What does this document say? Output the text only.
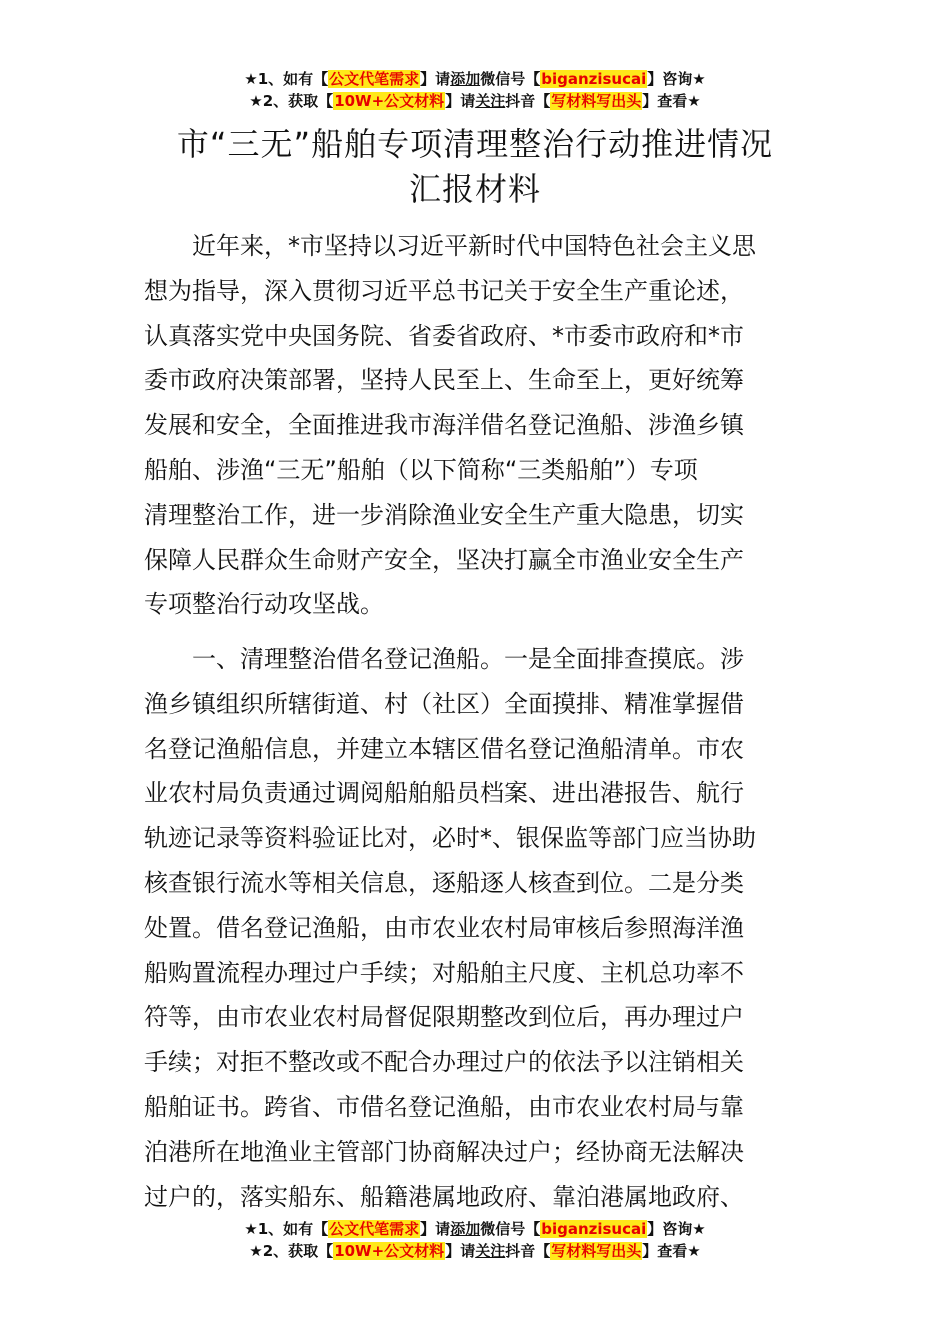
★1、如有【公文代笔需求】请添加微信号【biganzisucai】咨询★
★2、获取【10W+公文材料】请关注抖音【写材料写出头】查看★
市“三无”船舶专项清理整治行动推进情况
汇报材料
　　近年来，*市坚持以习近平新时代中国特色社会主义思
想为指导，深入贯彻习近平总书记关于安全生产重论述，
认真落实党中央国务院、省委省政府、*市委市政府和*市
委市政府决策部署，坚持人民至上、生命至上，更好统筹
发展和安全，全面推进我市海洋借名登记渔船、涉渔乡镇
船舶、涉渔“三无”船舶（以下简称“三类船舶”）专项
清理整治工作，进一步消除渔业安全生产重大隐患，切实
保障人民群众生命财产安全，坚决打赢全市渔业安全生产
专项整治行动攻坚战。
　　一、清理整治借名登记渔船。一是全面排查摸底。涉
渔乡镇组织所辖街道、村（社区）全面摸排、精准掌握借
名登记渔船信息，并建立本辖区借名登记渔船清单。市农
业农村局负责通过调阅船舶船员档案、进出港报告、航行
轨迹记录等资料验证比对，必时*、银保监等部门应当协助
核查银行流水等相关信息，逐船逐人核查到位。二是分类
处置。借名登记渔船，由市农业农村局审核后参照海洋渔
船购置流程办理过户手续；对船舶主尺度、主机总功率不
符等，由市农业农村局督促限期整改到位后，再办理过户
手续；对拒不整改或不配合办理过户的依法予以注销相关
船舶证书。跨省、市借名登记渔船，由市农业农村局与靠
泊港所在地渔业主管部门协商解决过户；经协商无法解决
过户的，落实船东、船籍港属地政府、靠泊港属地政府、
★1、如有【公文代笔需求】请添加微信号【biganzisucai】咨询★
★2、获取【10W+公文材料】请关注抖音【写材料写出头】查看★
